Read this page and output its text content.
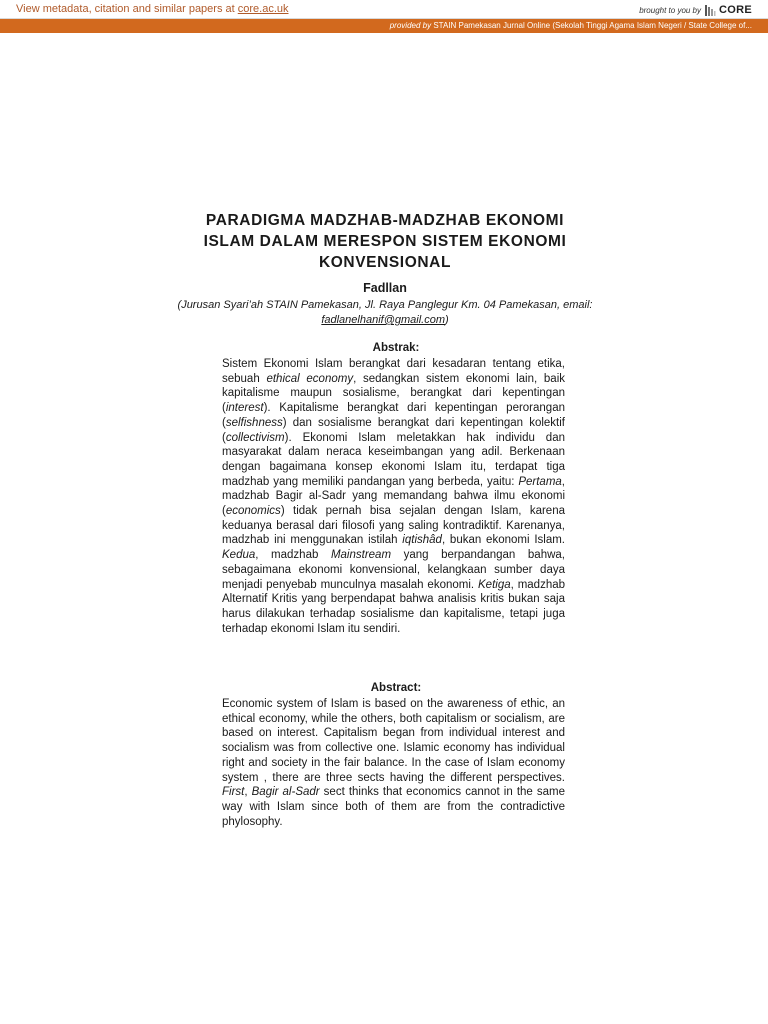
View metadata, citation and similar papers at core.ac.uk	brought to you by CORE
provided by STAIN Pamekasan Jurnal Online (Sekolah Tinggi Agama Islam Negeri / State College of...
PARADIGMA MADZHAB-MADZHAB EKONOMI
ISLAM DALAM MERESPON SISTEM EKONOMI
KONVENSIONAL
Fadllan
(Jurusan Syari’ah STAIN Pamekasan, Jl. Raya Panglegur Km. 04 Pamekasan, email: fadlanelhanif@gmail.com)
Abstrak:
Sistem Ekonomi Islam berangkat dari kesadaran tentang etika, sebuah ethical economy, sedangkan sistem ekonomi lain, baik kapitalisme maupun sosialisme, berangkat dari kepentingan (interest). Kapitalisme berangkat dari kepentingan perorangan (selfishness) dan sosialisme berangkat dari kepentingan kolektif (collectivism). Ekonomi Islam meletakkan hak individu dan masyarakat dalam neraca keseimbangan yang adil. Berkenaan dengan bagaimana konsep ekonomi Islam itu, terdapat tiga madzhab yang memiliki pandangan yang berbeda, yaitu: Pertama, madzhab Bagir al-Sadr yang memandang bahwa ilmu ekonomi (economics) tidak pernah bisa sejalan dengan Islam, karena keduanya berasal dari filosofi yang saling kontradiktif. Karenanya, madzhab ini menggunakan istilah iqtishâd, bukan ekonomi Islam. Kedua, madzhab Mainstream yang berpandangan bahwa, sebagaimana ekonomi konvensional, kelangkaan sumber daya menjadi penyebab munculnya masalah ekonomi. Ketiga, madzhab Alternatif Kritis yang berpendapat bahwa analisis kritis bukan saja harus dilakukan terhadap sosialisme dan kapitalisme, tetapi juga terhadap ekonomi Islam itu sendiri.
Abstract:
Economic system of Islam is based on the awareness of ethic, an ethical economy, while the others, both capitalism or socialism, are based on interest. Capitalism began from individual interest and socialism was from collective one. Islamic economy has individual right and society in the fair balance. In the case of Islam economy system , there are three sects having the different perspectives. First, Bagir al-Sadr sect thinks that economics cannot in the same way with Islam since both of them are from the contradictive phylosophy.
